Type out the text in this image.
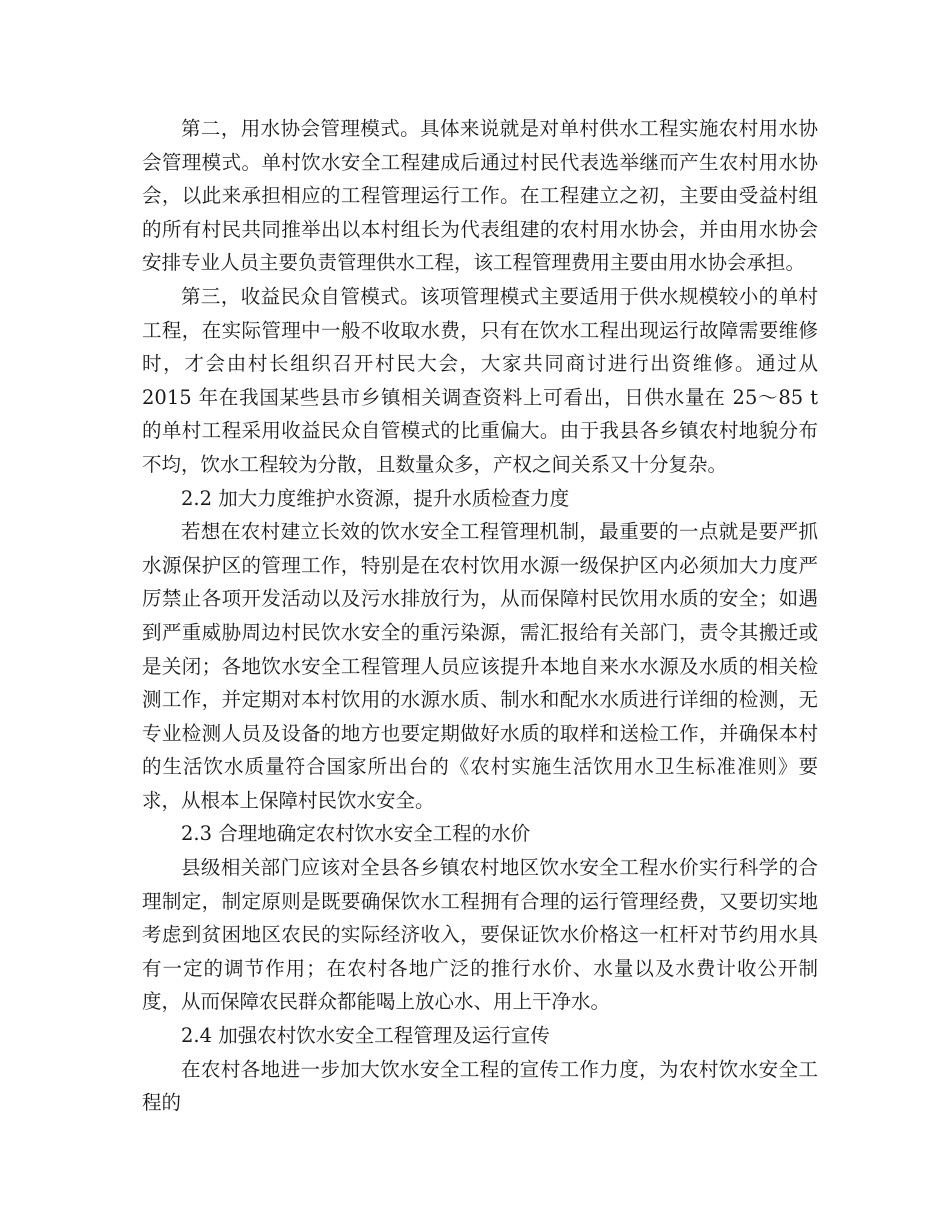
第二，用水协会管理模式。具体来说就是对单村供水工程实施农村用水协会管理模式。单村饮水安全工程建成后通过村民代表选举继而产生农村用水协会，以此来承担相应的工程管理运行工作。在工程建立之初，主要由受益村组的所有村民共同推举出以本村组长为代表组建的农村用水协会，并由用水协会安排专业人员主要负责管理供水工程，该工程管理费用主要由用水协会承担。

第三，收益民众自管模式。该项管理模式主要适用于供水规模较小的单村工程，在实际管理中一般不收取水费，只有在饮水工程出现运行故障需要维修时，才会由村长组织召开村民大会，大家共同商讨进行出资维修。通过从 2015 年在我国某些县市乡镇相关调查资料上可看出，日供水量在 25～85 t 的单村工程采用收益民众自管模式的比重偏大。由于我县各乡镇农村地貌分布不均，饮水工程较为分散，且数量众多，产权之间关系又十分复杂。

2.2 加大力度维护水资源，提升水质检查力度

若想在农村建立长效的饮水安全工程管理机制，最重要的一点就是要严抓水源保护区的管理工作，特别是在农村饮用水源一级保护区内必须加大力度严厉禁止各项开发活动以及污水排放行为，从而保障村民饮用水质的安全；如遇到严重威胁周边村民饮水安全的重污染源，需汇报给有关部门，责令其搬迁或是关闭；各地饮水安全工程管理人员应该提升本地自来水水源及水质的相关检测工作，并定期对本村饮用的水源水质、制水和配水水质进行详细的检测，无专业检测人员及设备的地方也要定期做好水质的取样和送检工作，并确保本村的生活饮水质量符合国家所出台的《农村实施生活饮用水卫生标准准则》要求，从根本上保障村民饮水安全。

2.3 合理地确定农村饮水安全工程的水价

县级相关部门应该对全县各乡镇农村地区饮水安全工程水价实行科学的合理制定，制定原则是既要确保饮水工程拥有合理的运行管理经费，又要切实地考虑到贫困地区农民的实际经济收入，要保证饮水价格这一杠杆对节约用水具有一定的调节作用；在农村各地广泛的推行水价、水量以及水费计收公开制度，从而保障农民群众都能喝上放心水、用上干净水。

2.4 加强农村饮水安全工程管理及运行宣传

在农村各地进一步加大饮水安全工程的宣传工作力度，为农村饮水安全工程的
